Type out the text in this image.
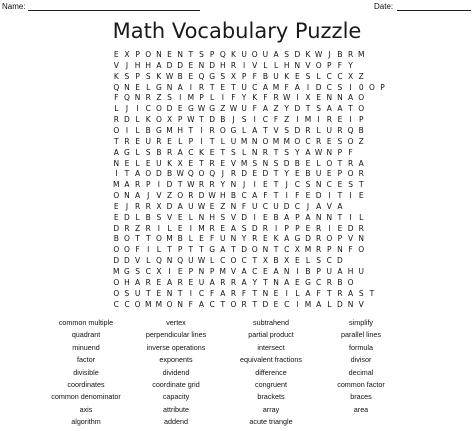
Name:	Date:
Math Vocabulary Puzzle
E X P O N E N T S P Q K U O U A S D K W J B R M
V J H H A D D E N D H R I V L L H N V O P F Y
K S P S K W B E Q G S X P F B U K E S L C C X Z
Q N E L G N A I R T E T U C A M F A I D C S I 0 O P
F Q N R Z S I M P L I F Y K F R W I X E N N A O
L J	I C O D E G W G Z W U F A Z Y D T S A A T O
R D L K O X P W T D B J S I C F Z I M I R E I P
O I L B G M H T I R O G L A T V S D R L U R Q B
T R E U R E L P I T L U M N O M M O C R E S O Z
A G L S B R A C K E T S L N R T S Y A W N P F
N E L E U K X E T R E V M S N S D B E L O T R A
I T A O D B W Q O Q J R D E D T Y E B U E P O R
M A R P I D T W R R Y N J	I E T J C S N C E S T
O N A J V Z O R D W H B C A F T I F E D I T I E
E J R R X D A U W E Z N F U C U D C J A V A
E D L B S V E L N H S V D I E B A P A N N T I L
D R Z R I L E I M R E A S D R I P P E R I E D R
B O T T O M B L E F U N Y R E K A G D R O P V N
O O F I L T P T T G A T D O N T C X M R P N F O
D D V L Q N Q U W L C O C T X B X E L S C D
M G S C X I E P N P M V A C E A N I B P U A H U
O H A R E A R E U A R R A Y T N A E G C R B O
O S U T E N T I C F A R F T N E I L A F T R A S T
C C O M M O N F A C T O R T D E C I M A L D N V
common multiple	vertex	subtrahend	simplify
quadrant	perpendicular lines	partial product	parallel lines
minuend	inverse operations	intersect	formula
factor	exponents	equivalent fractions	divisor
divisible	dividend	difference	decimal
coordinates	coordinate grid	congruent	common factor
common denominator	capacity	brackets	braces
axis	attribute	array	area
algorithm	addend	acute triangle
